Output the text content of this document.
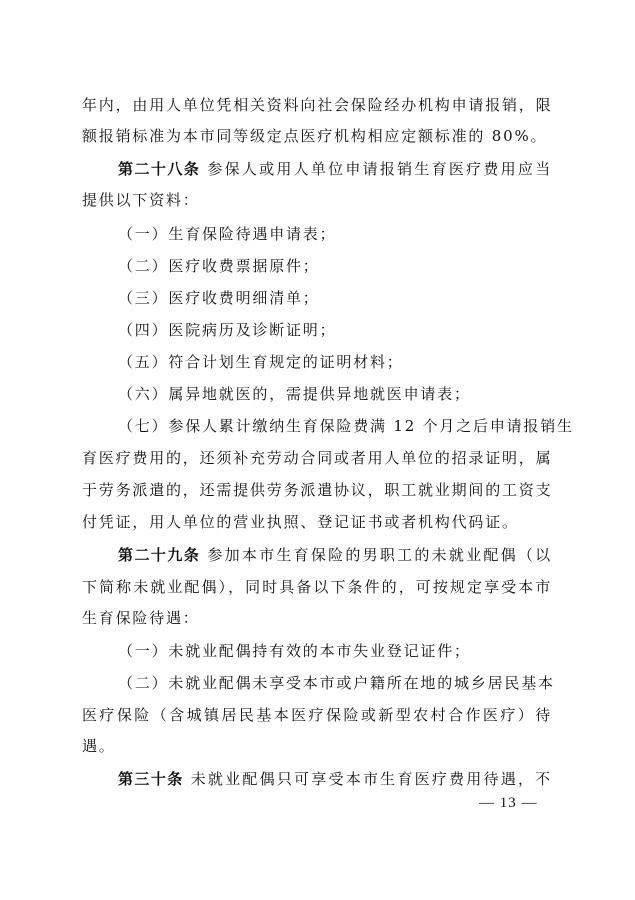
年内，由用人单位凭相关资料向社会保险经办机构申请报销，限
额报销标准为本市同等级定点医疗机构相应定额标准的 80%。
第二十八条 参保人或用人单位申请报销生育医疗费用应当
提供以下资料：
（一）生育保险待遇申请表；
（二）医疗收费票据原件；
（三）医疗收费明细清单；
（四）医院病历及诊断证明；
（五）符合计划生育规定的证明材料；
（六）属异地就医的，需提供异地就医申请表；
（七）参保人累计缴纳生育保险费满 12 个月之后申请报销生
育医疗费用的，还须补充劳动合同或者用人单位的招录证明，属
于劳务派遣的，还需提供劳务派遣协议，职工就业期间的工资支
付凭证，用人单位的营业执照、登记证书或者机构代码证。
第二十九条 参加本市生育保险的男职工的未就业配偶（以
下简称未就业配偶），同时具备以下条件的，可按规定享受本市
生育保险待遇：
（一）未就业配偶持有效的本市失业登记证件；
（二）未就业配偶未享受本市或户籍所在地的城乡居民基本
医疗保险（含城镇居民基本医疗保险或新型农村合作医疗）待
遇。
第三十条 未就业配偶只可享受本市生育医疗费用待遇，不
— 13 —
